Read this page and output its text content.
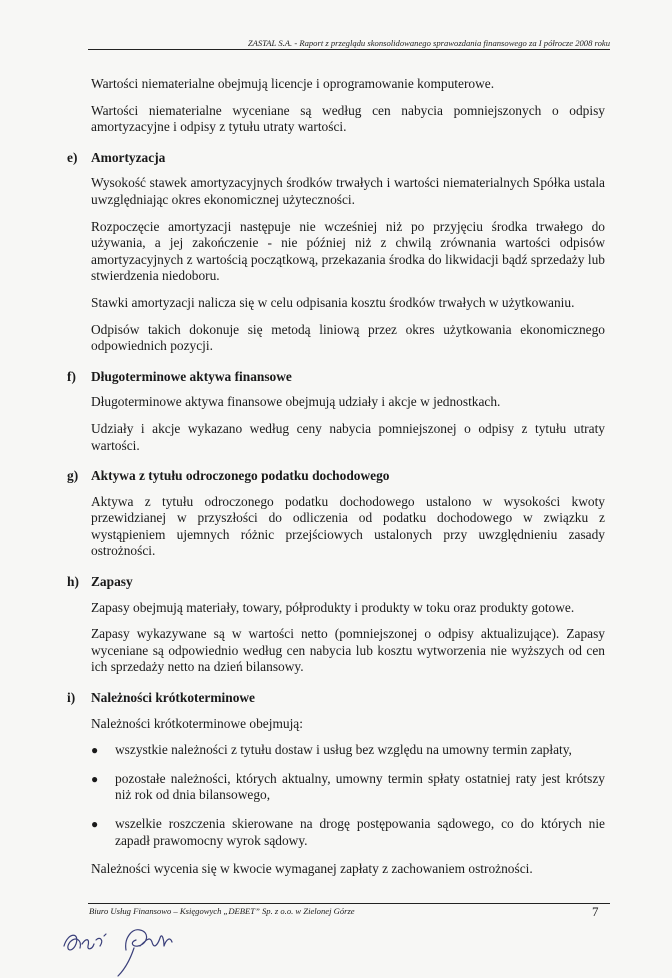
ZASTAL S.A. - Raport z przeglądu skonsolidowanego sprawozdania finansowego za I półrocze 2008 roku

Wartości niematerialne obejmują licencje i oprogramowanie komputerowe.

Wartości niematerialne wyceniane są według cen nabycia pomniejszonych o odpisy amortyzacyjne i odpisy z tytułu utraty wartości.

e)	Amortyzacja

Wysokość stawek amortyzacyjnych środków trwałych i wartości niematerialnych Spółka ustala uwzględniając okres ekonomicznej użyteczności.

Rozpoczęcie amortyzacji następuje nie wcześniej niż po przyjęciu środka trwałego do używania, a jej zakończenie - nie później niż z chwilą zrównania wartości odpisów amortyzacyjnych z wartością początkową, przekazania środka do likwidacji bądź sprzedaży lub stwierdzenia niedoboru.

Stawki amortyzacji nalicza się w celu odpisania kosztu środków trwałych w użytkowaniu.

Odpisów takich dokonuje się metodą liniową przez okres użytkowania ekonomicznego odpowiednich pozycji.

f)	Długoterminowe aktywa finansowe

Długoterminowe aktywa finansowe obejmują udziały i akcje w jednostkach.

Udziały i akcje wykazano według ceny nabycia pomniejszonej o odpisy z tytułu utraty wartości.

g) Aktywa z tytułu odroczonego podatku dochodowego

Aktywa z tytułu odroczonego podatku dochodowego ustalono w wysokości kwoty przewidzianej w przyszłości do odliczenia od podatku dochodowego w związku z wystąpieniem ujemnych różnic przejściowych ustalonych przy uwzględnieniu zasady ostrożności.

h) Zapasy

Zapasy obejmują materiały, towary, półprodukty i produkty w toku oraz produkty gotowe.

Zapasy wykazywane są w wartości netto (pomniejszonej o odpisy aktualizujące). Zapasy wyceniane są odpowiednio według cen nabycia lub kosztu wytworzenia nie wyższych od cen ich sprzedaży netto na dzień bilansowy.

i)	Należności krótkoterminowe

Należności krótkoterminowe obejmują:

●	wszystkie należności z tytułu dostaw i usług bez względu na umowny termin zapłaty,
●	pozostałe należności, których aktualny, umowny termin spłaty ostatniej raty jest krótszy niż rok od dnia bilansowego,
●	wszelkie roszczenia skierowane na drogę postępowania sądowego, co do których nie zapadł prawomocny wyrok sądowy.

Należności wycenia się w kwocie wymaganej zapłaty z zachowaniem ostrożności.

Biuro Usług Finansowo – Księgowych „DEBET” Sp. z o.o. w Zielonej Górze	7
